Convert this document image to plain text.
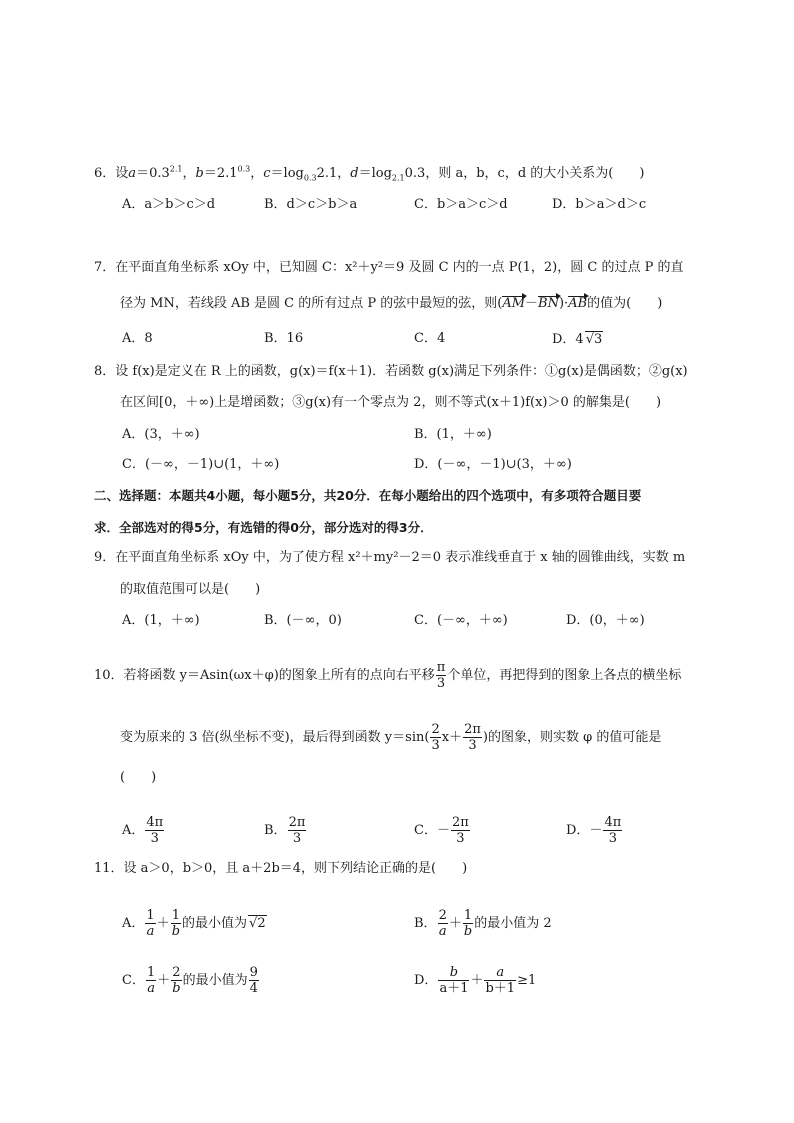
6．设$a=0.3^{2.1}$，$b=2.1^{0.3}$，$c=\log_{0.3}2.1$，$d=\log_{2.1}0.3$，则 a，b，c，d 的大小关系为(　　)
A．a＞b＞c＞d	B．d＞c＞b＞a	C．b＞a＞c＞d	D．b＞a＞d＞c
7．在平面直角坐标系 xOy 中，已知圆 C：x²＋y²＝9 及圆 C 内的一点 P(1，2)，圆 C 的过点 P 的直
径为 MN，若线段 AB 是圆 C 的所有过点 P 的弦中最短的弦，则(AM－BN)·AB的值为(　　)
A．8	B．16	C．4	D．4 √3
8．设 f(x)是定义在 R 上的函数，g(x)＝f(x＋1)．若函数 g(x)满足下列条件：①g(x)是偶函数；②g(x)
在区间[0，＋∞)上是增函数；③g(x)有一个零点为 2，则不等式(x＋1)f(x)＞0 的解集是(　　)
A．(3，＋∞)	B．(1，＋∞)
C．(－∞，－1)∪(1，＋∞)	D．(－∞，－1)∪(3，＋∞)
二、选择题：本题共4小题，每小题5分，共20分．在每小题给出的四个选项中，有多项符合题目要
求．全部选对的得5分，有选错的得0分，部分选对的得3分．
9．在平面直角坐标系 xOy 中，为了使方程 x²＋my²－2＝0 表示准线垂直于 x 轴的圆锥曲线，实数 m
的取值范围可以是(　　)
A．(1，＋∞)	B．(－∞，0)	C．(－∞，＋∞)	D．(0，＋∞)
10．若将函数 y＝Asin(ωx＋φ)的图象上所有的点向右平移 $\frac{\pi}{3}$ 个单位，再把得到的图象上各点的横坐标
变为原来的 3 倍(纵坐标不变)，最后得到函数 $y=\sin( \frac{2}{3} x+ \frac{2\pi}{3}$ )的图象，则实数 φ 的值可能是
(　　)
A． $\frac{4\pi}{3}$	B． $\frac{2\pi}{3}$	C．－ $\frac{2\pi}{3}$	D．－ $\frac{4\pi}{3}$
11．设 a＞0，b＞0，且 a＋2b＝4，则下列结论正确的是(　　)
A． $\frac{1}{a} + \frac{1}{b}$ 的最小值为 √2	B． $\frac{2}{a} + \frac{1}{b}$ 的最小值为 2
C． $\frac{1}{a} + \frac{2}{b}$ 的最小值为 $\frac{9}{4}$	D． $\frac{b}{a+1} + \frac{a}{b+1} \ge 1$
